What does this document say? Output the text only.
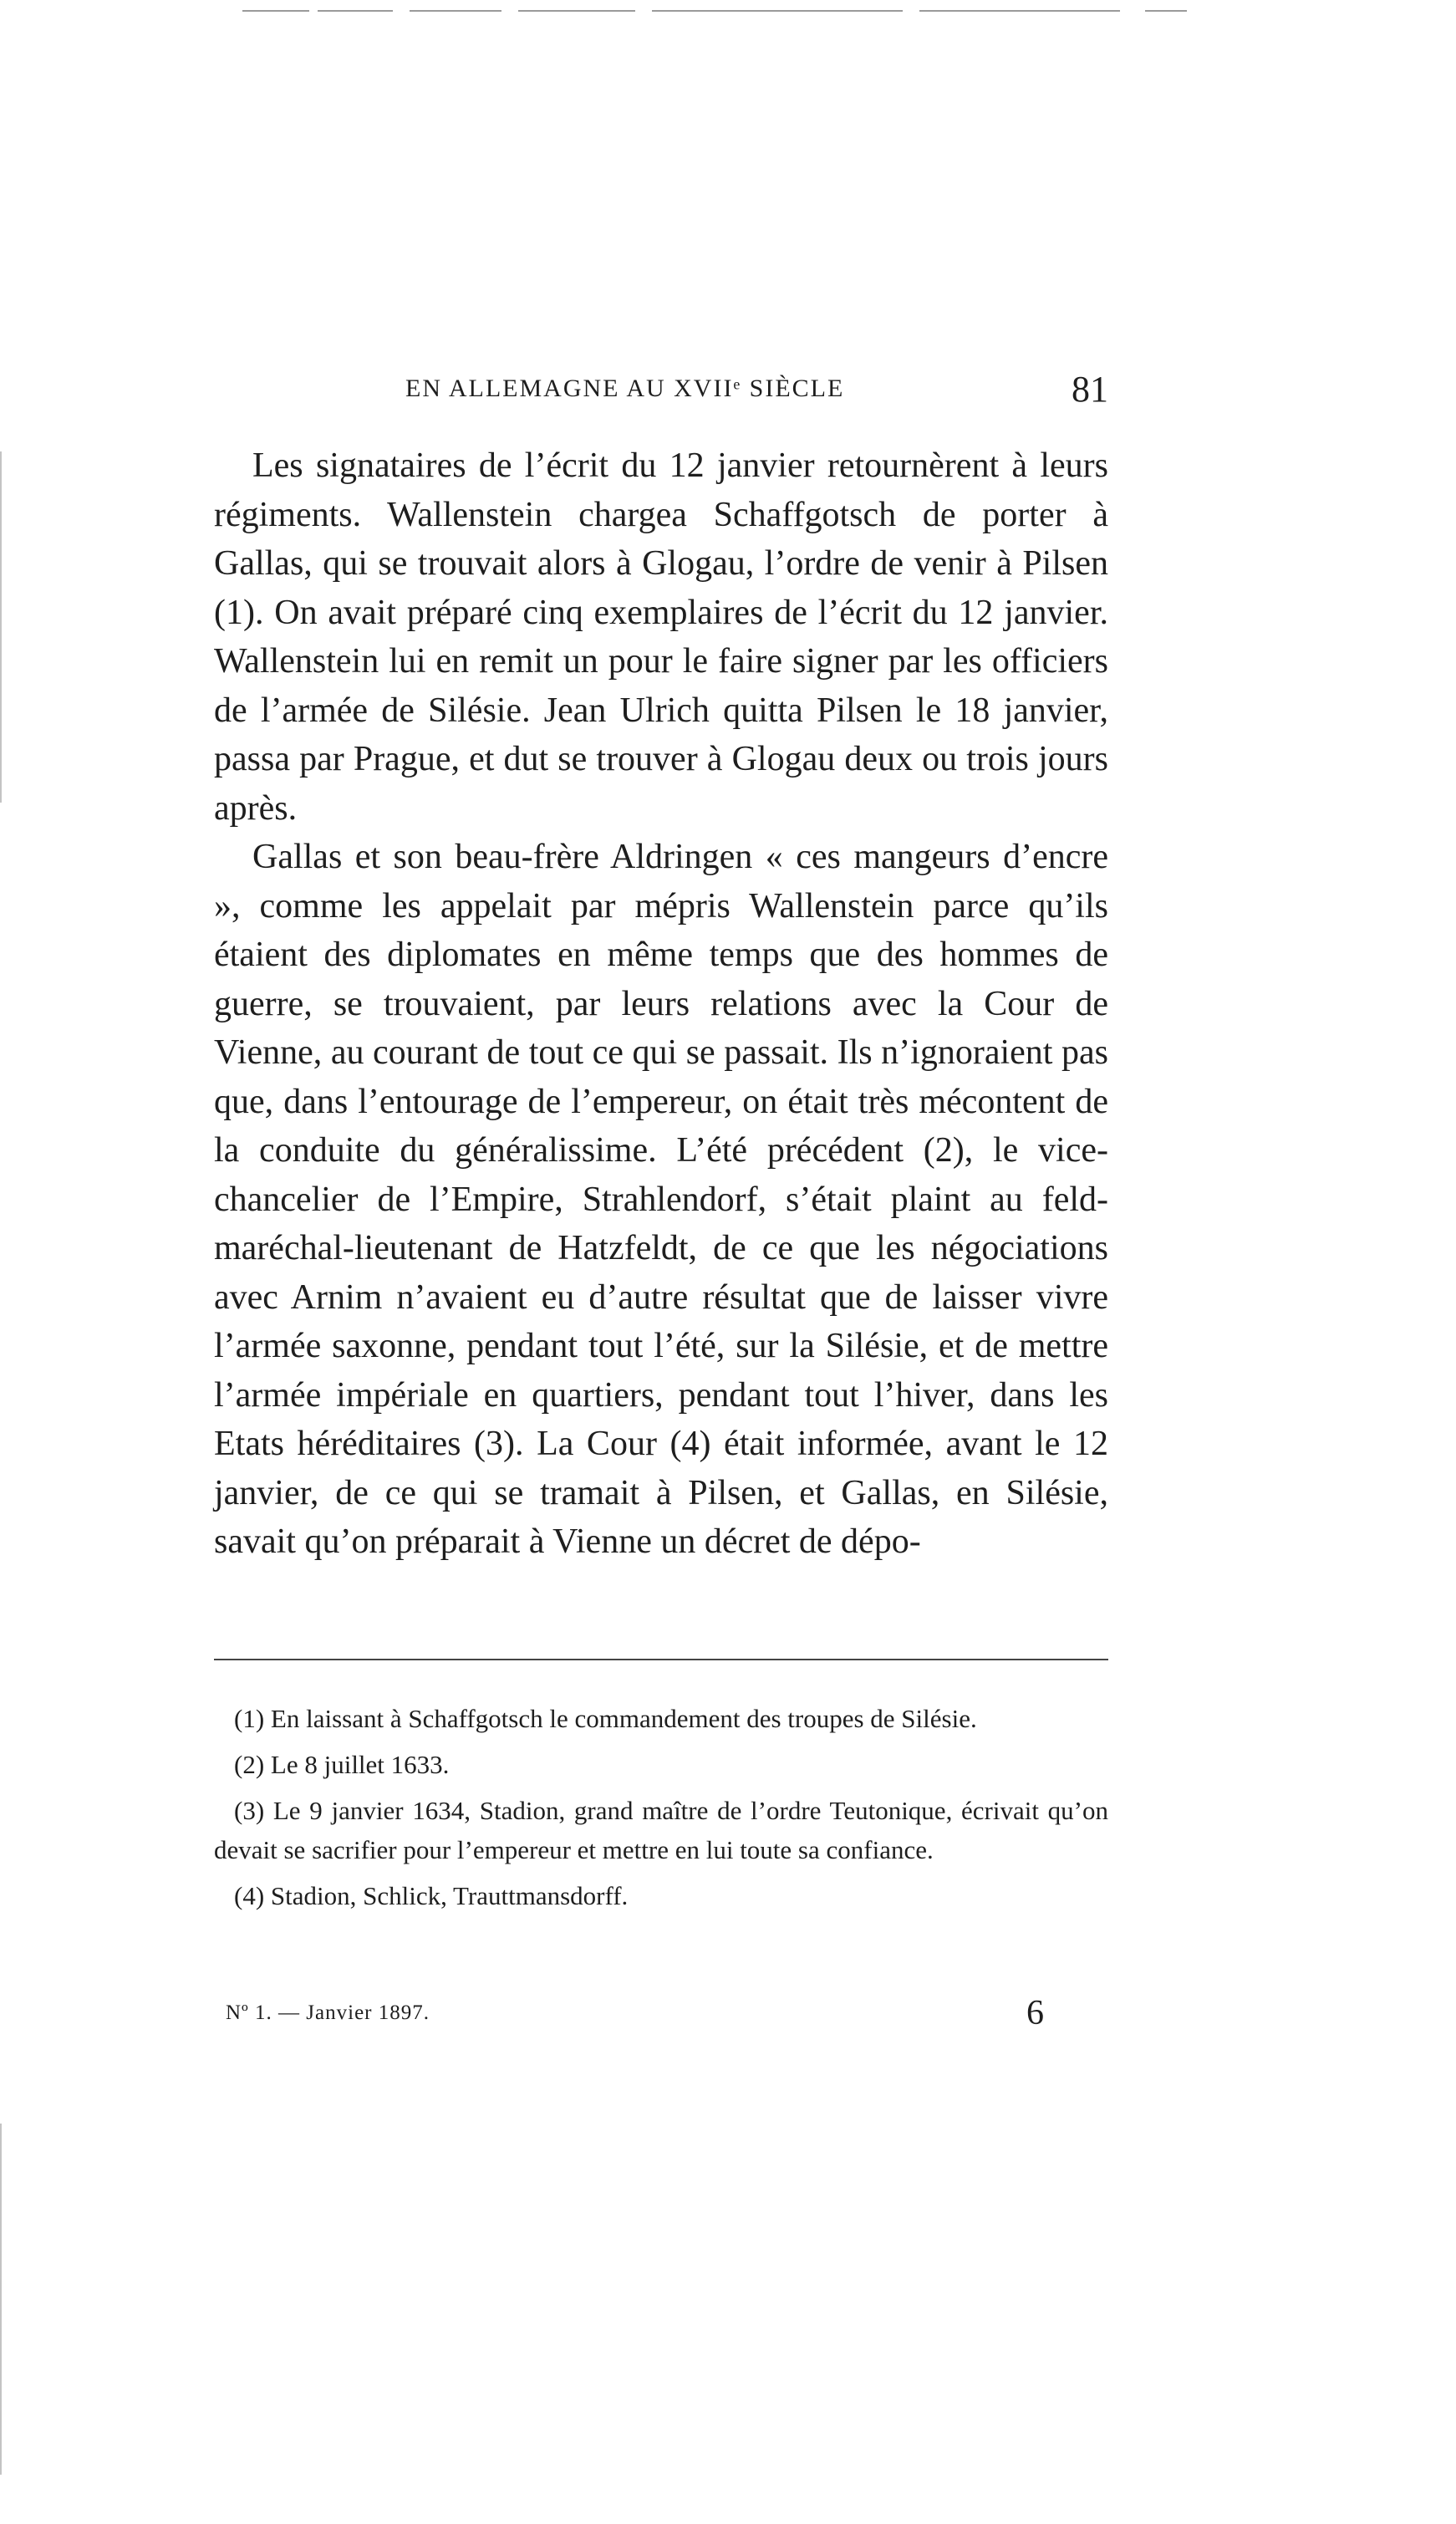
EN ALLEMAGNE AU XVIIᵉ SIÈCLE	81

Les signataires de l’écrit du 12 janvier retournèrent à leurs régiments. Wallenstein chargea Schaffgotsch de porter à Gallas, qui se trouvait alors à Glogau, l’ordre de venir à Pilsen (1). On avait préparé cinq exemplaires de l’écrit du 12 janvier. Wallenstein lui en remit un pour le faire signer par les officiers de l’armée de Silésie. Jean Ulrich quitta Pilsen le 18 janvier, passa par Prague, et dut se trouver à Glogau deux ou trois jours après.

Gallas et son beau-frère Aldringen « ces mangeurs d’encre », comme les appelait par mépris Wallenstein parce qu’ils étaient des diplomates en même temps que des hommes de guerre, se trouvaient, par leurs relations avec la Cour de Vienne, au courant de tout ce qui se passait. Ils n’ignoraient pas que, dans l’entourage de l’empereur, on était très mécontent de la conduite du généralissime. L’été précédent (2), le vice-chancelier de l’Empire, Strahlendorf, s’était plaint au feld-maréchal-lieutenant de Hatzfeldt, de ce que les négociations avec Arnim n’avaient eu d’autre résultat que de laisser vivre l’armée saxonne, pendant tout l’été, sur la Silésie, et de mettre l’armée impériale en quartiers, pendant tout l’hiver, dans les Etats héréditaires (3). La Cour (4) était informée, avant le 12 janvier, de ce qui se tramait à Pilsen, et Gallas, en Silésie, savait qu’on préparait à Vienne un décret de dépo-

(1) En laissant à Schaffgotsch le commandement des troupes de Silésie.

(2) Le 8 juillet 1633.

(3) Le 9 janvier 1634, Stadion, grand maître de l’ordre Teutonique, écrivait qu’on devait se sacrifier pour l’empereur et mettre en lui toute sa confiance.

(4) Stadion, Schlick, Trauttmansdorff.

Nº 1. — Janvier 1897.	6
